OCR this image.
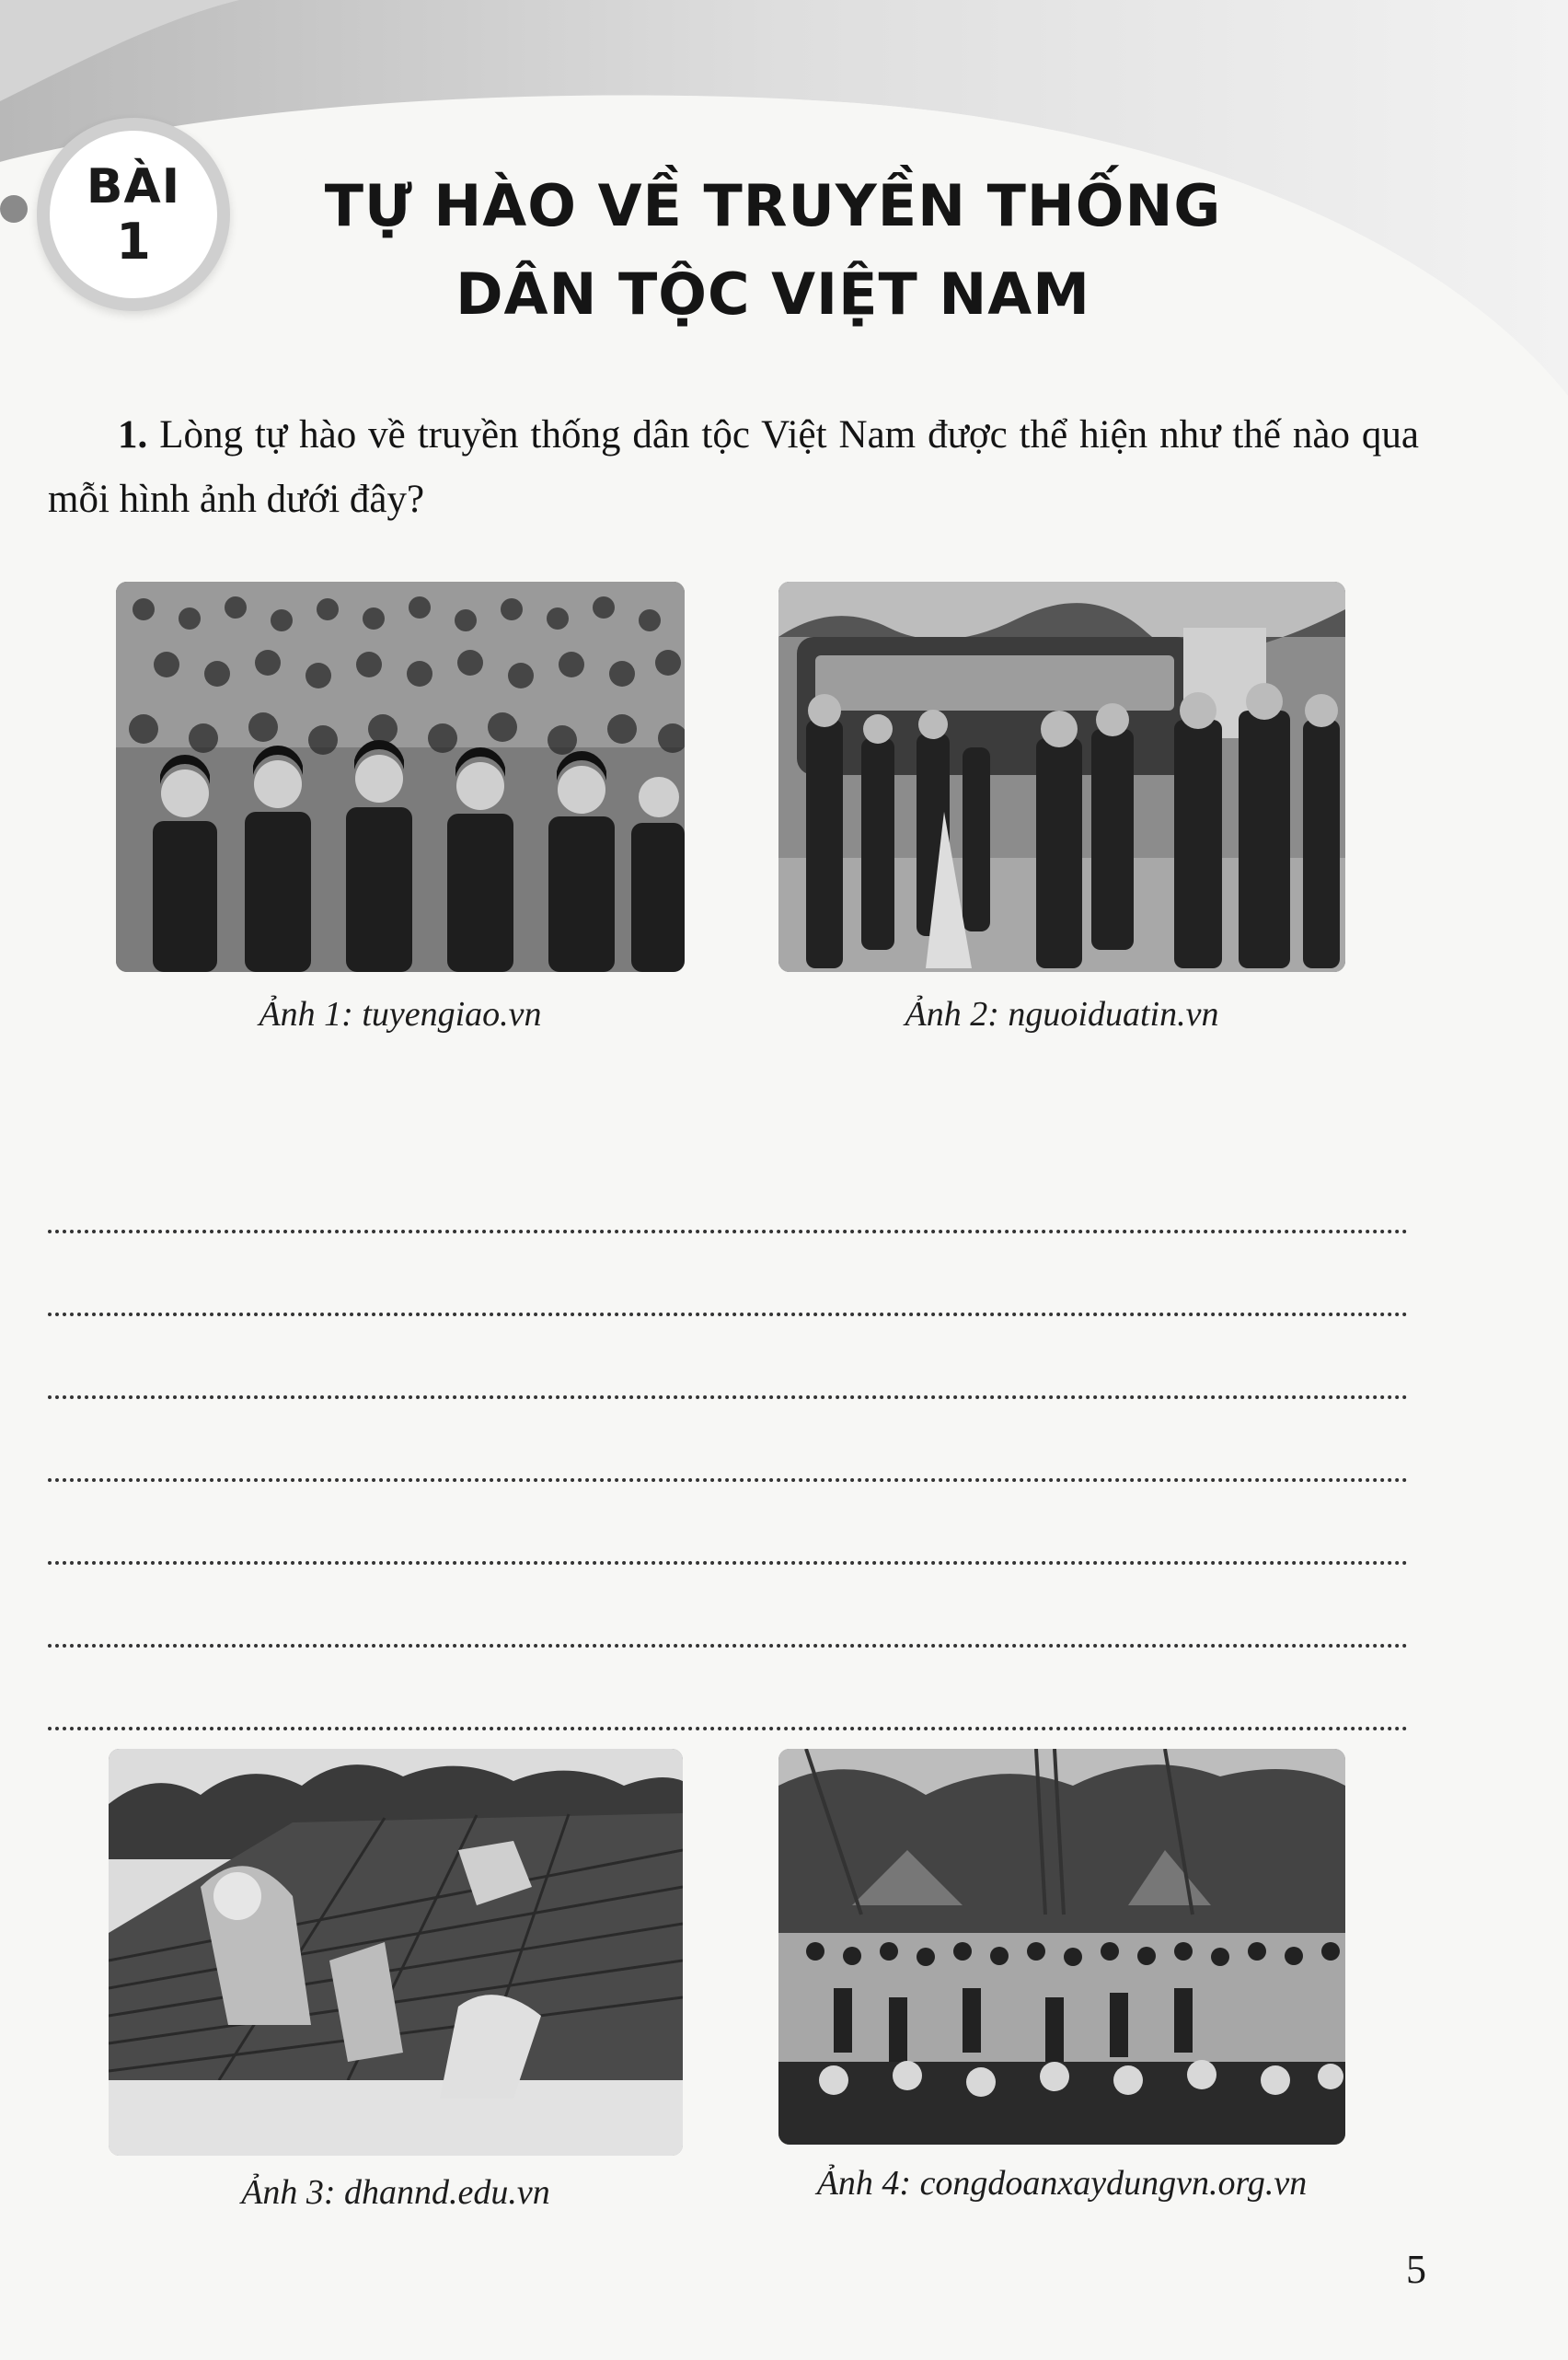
BÀI
1
TỰ HÀO VỀ TRUYỀN THỐNG
DÂN TỘC VIỆT NAM
1. Lòng tự hào về truyền thống dân tộc Việt Nam được thể hiện như thế nào qua mỗi hình ảnh dưới đây?
Ảnh 1: tuyengiao.vn	Ảnh 2: nguoiduatin.vn
Ảnh 3: dhannd.edu.vn	Ảnh 4: congdoanxaydungvn.org.vn
5
